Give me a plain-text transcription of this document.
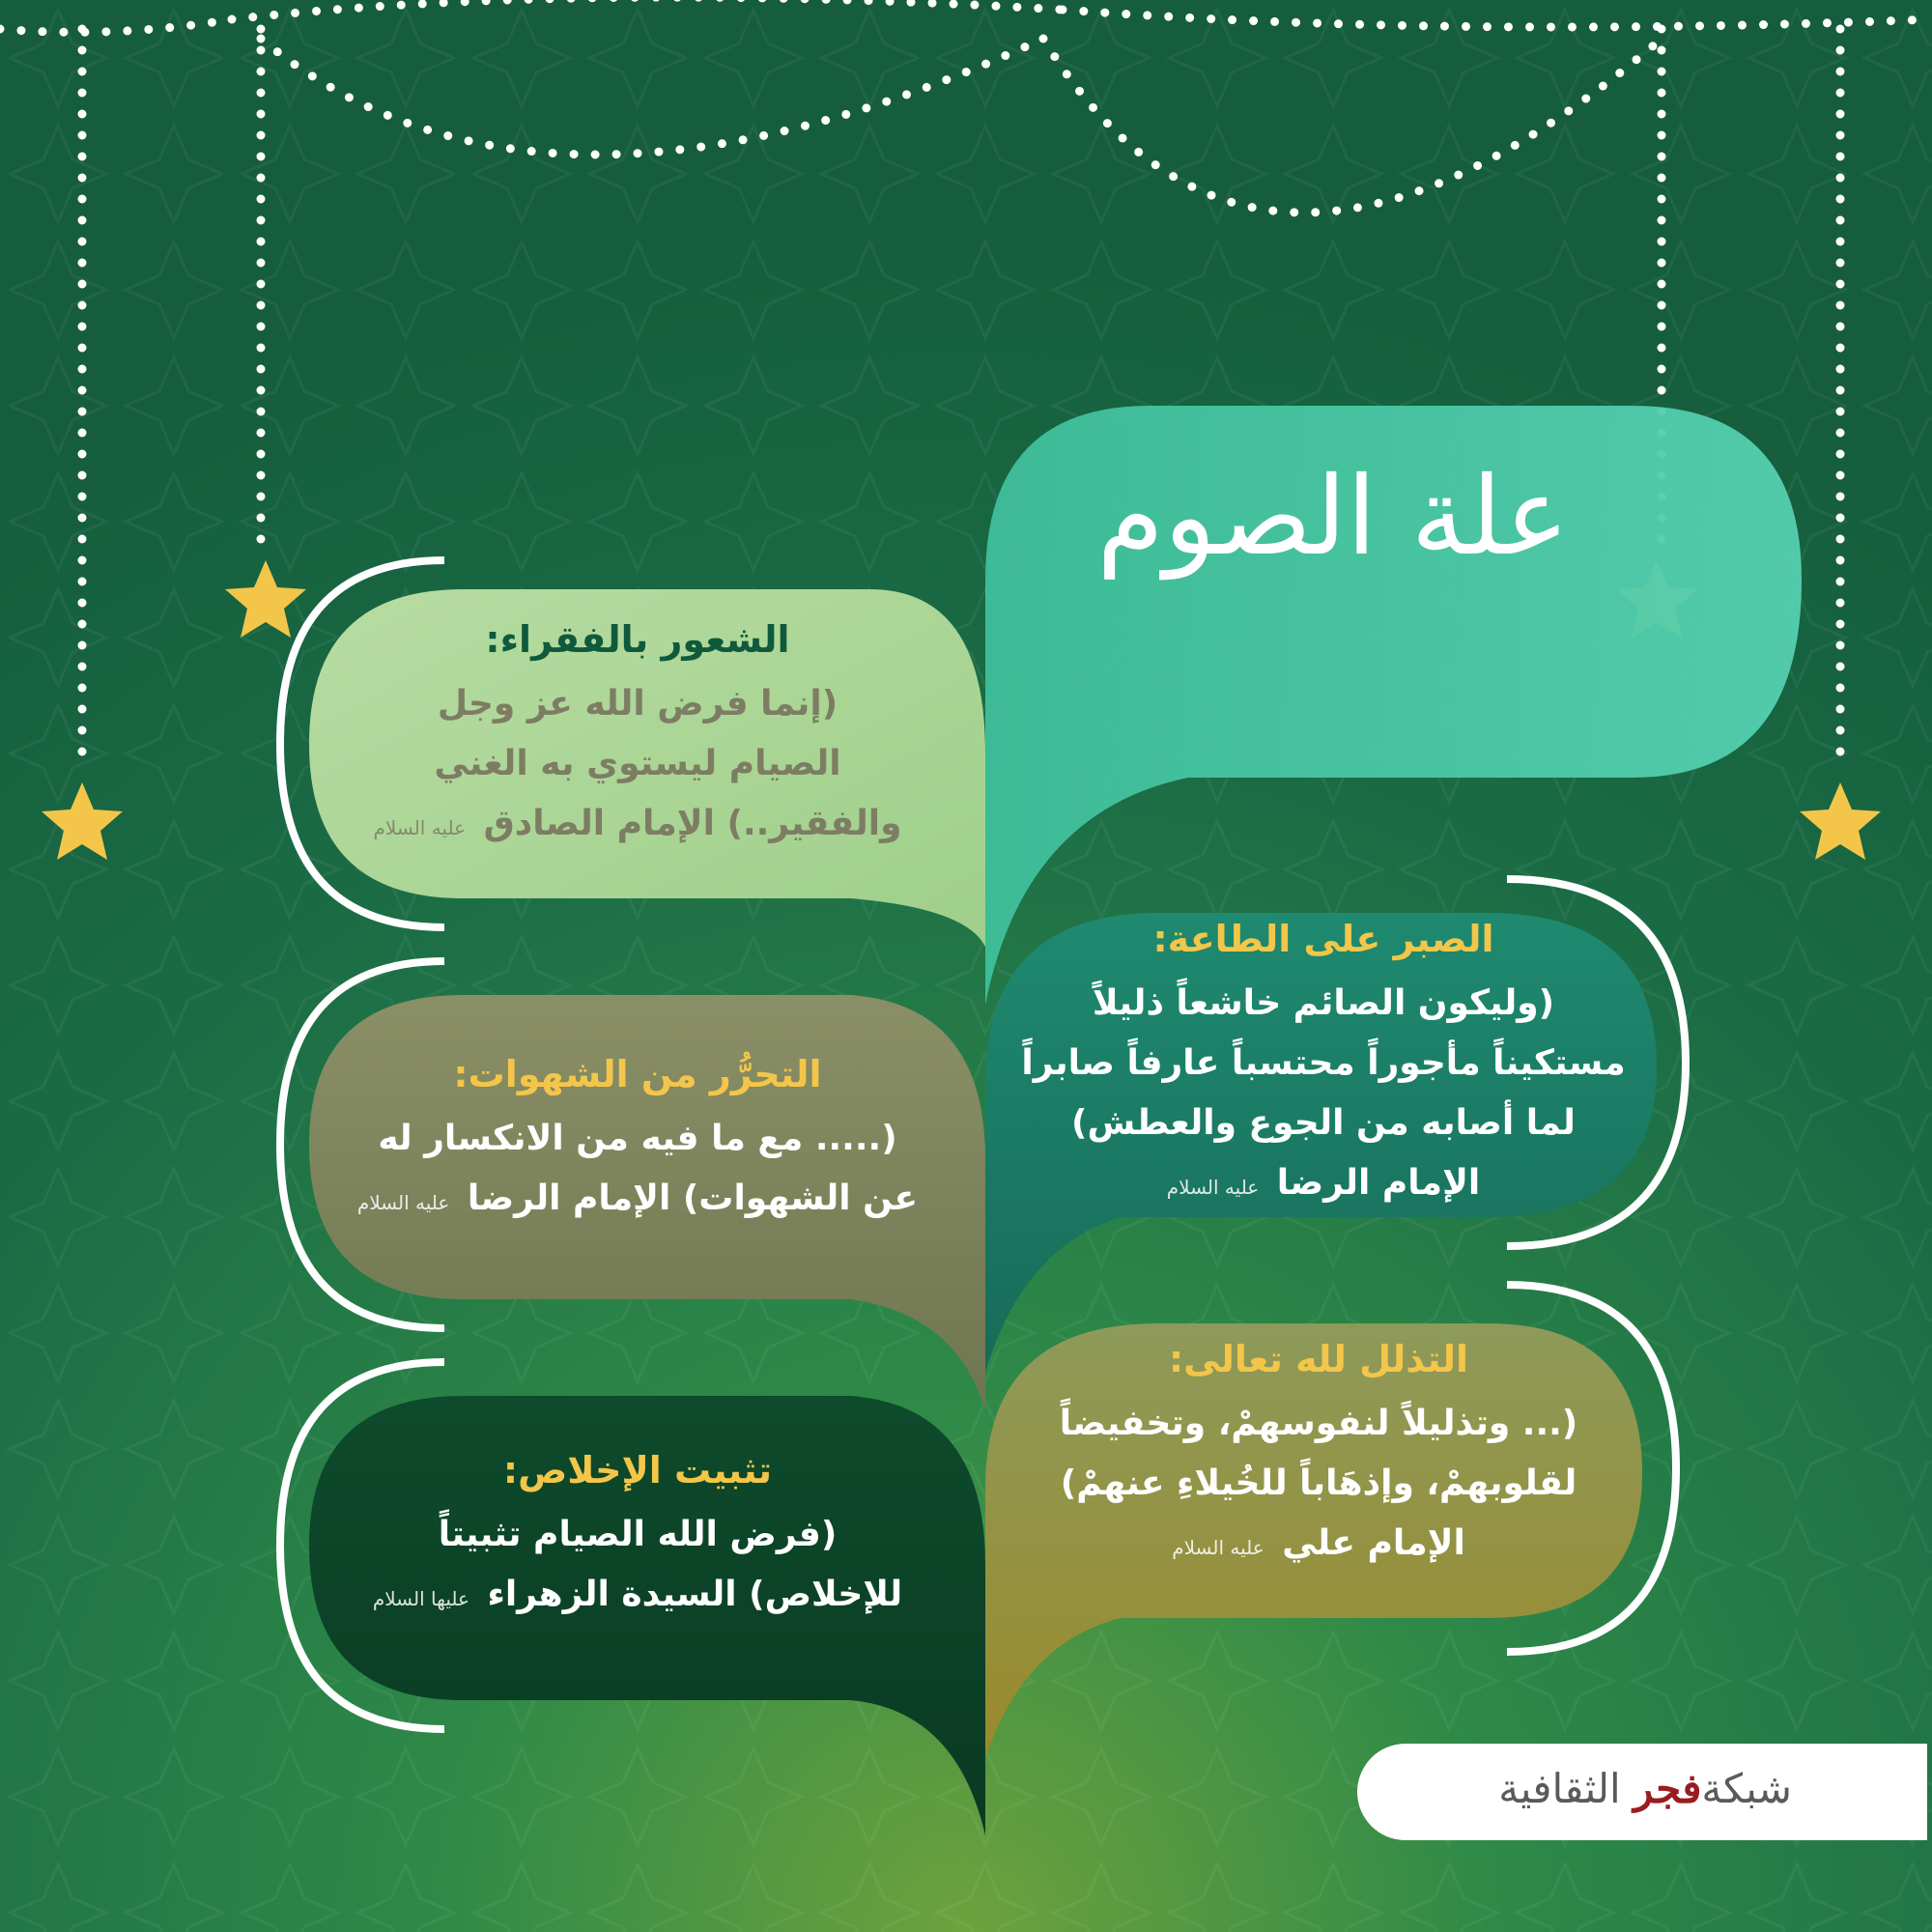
علة الصوم
الشعور بالفقراء:
(إنما فرض الله عز وجل
الصيام ليستوي به الغني
والفقير..) الإمام الصادق عليه السلام
الصبر على الطاعة:
(وليكون الصائم خاشعاً ذليلاً
مستكيناً مأجوراً محتسباً عارفاً صابراً
لما أصابه من الجوع والعطش)
الإمام الرضا عليه السلام
التحرُّر من الشهوات:
(..... مع ما فيه من الانكسار له
عن الشهوات) الإمام الرضا عليه السلام
التذلل لله تعالى:
(... وتذليلاً لنفوسهمْ، وتخفيضاً
لقلوبهمْ، وإذهَاباً للخُيلاءِ عنهمْ)
الإمام علي عليه السلام
تثبيت الإخلاص:
(فرض الله الصيام تثبيتاً
للإخلاص) السيدة الزهراء عليها السلام
شبكةفجر الثقافية
